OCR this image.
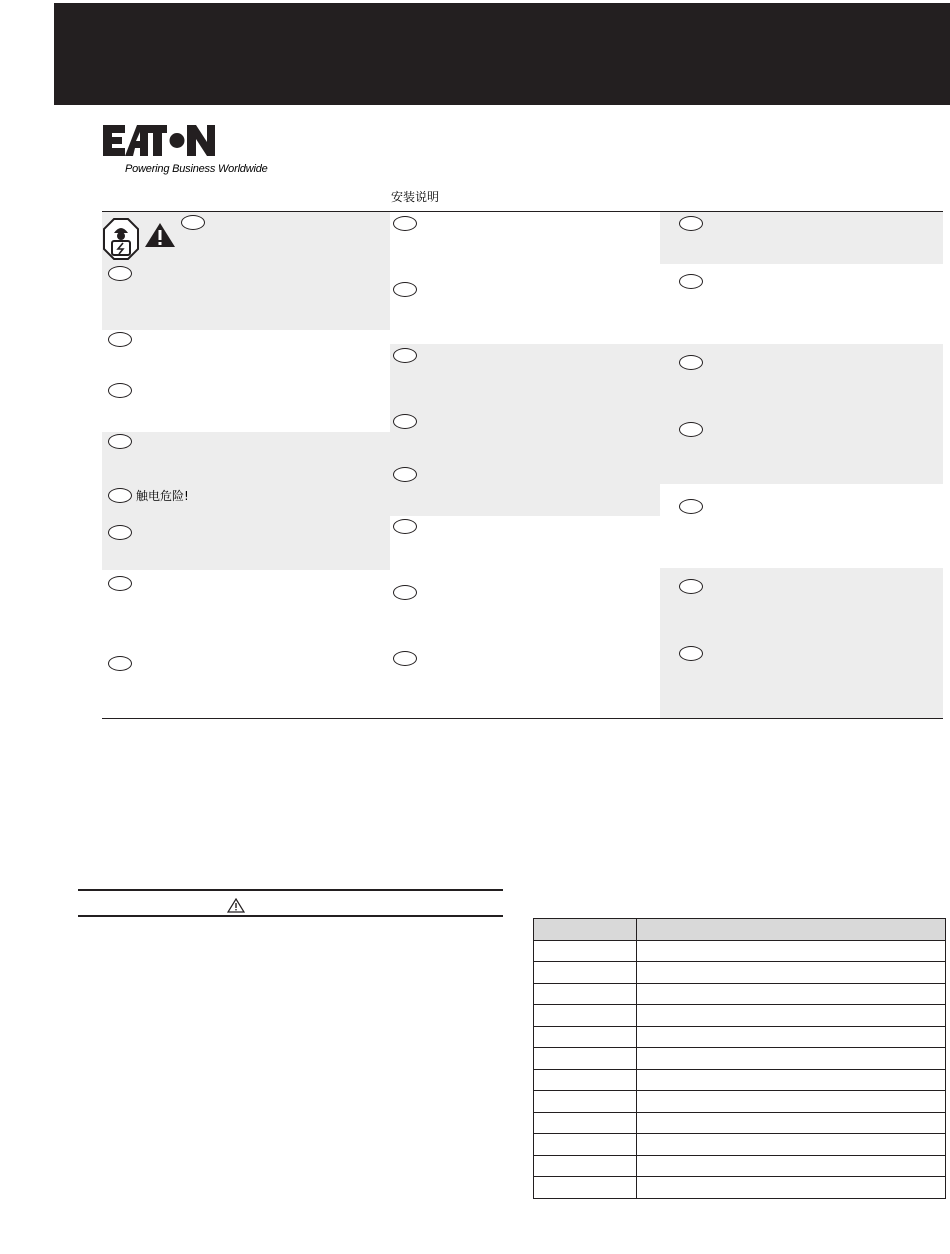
Powering Business Worldwide
安装说明
触电危险!
